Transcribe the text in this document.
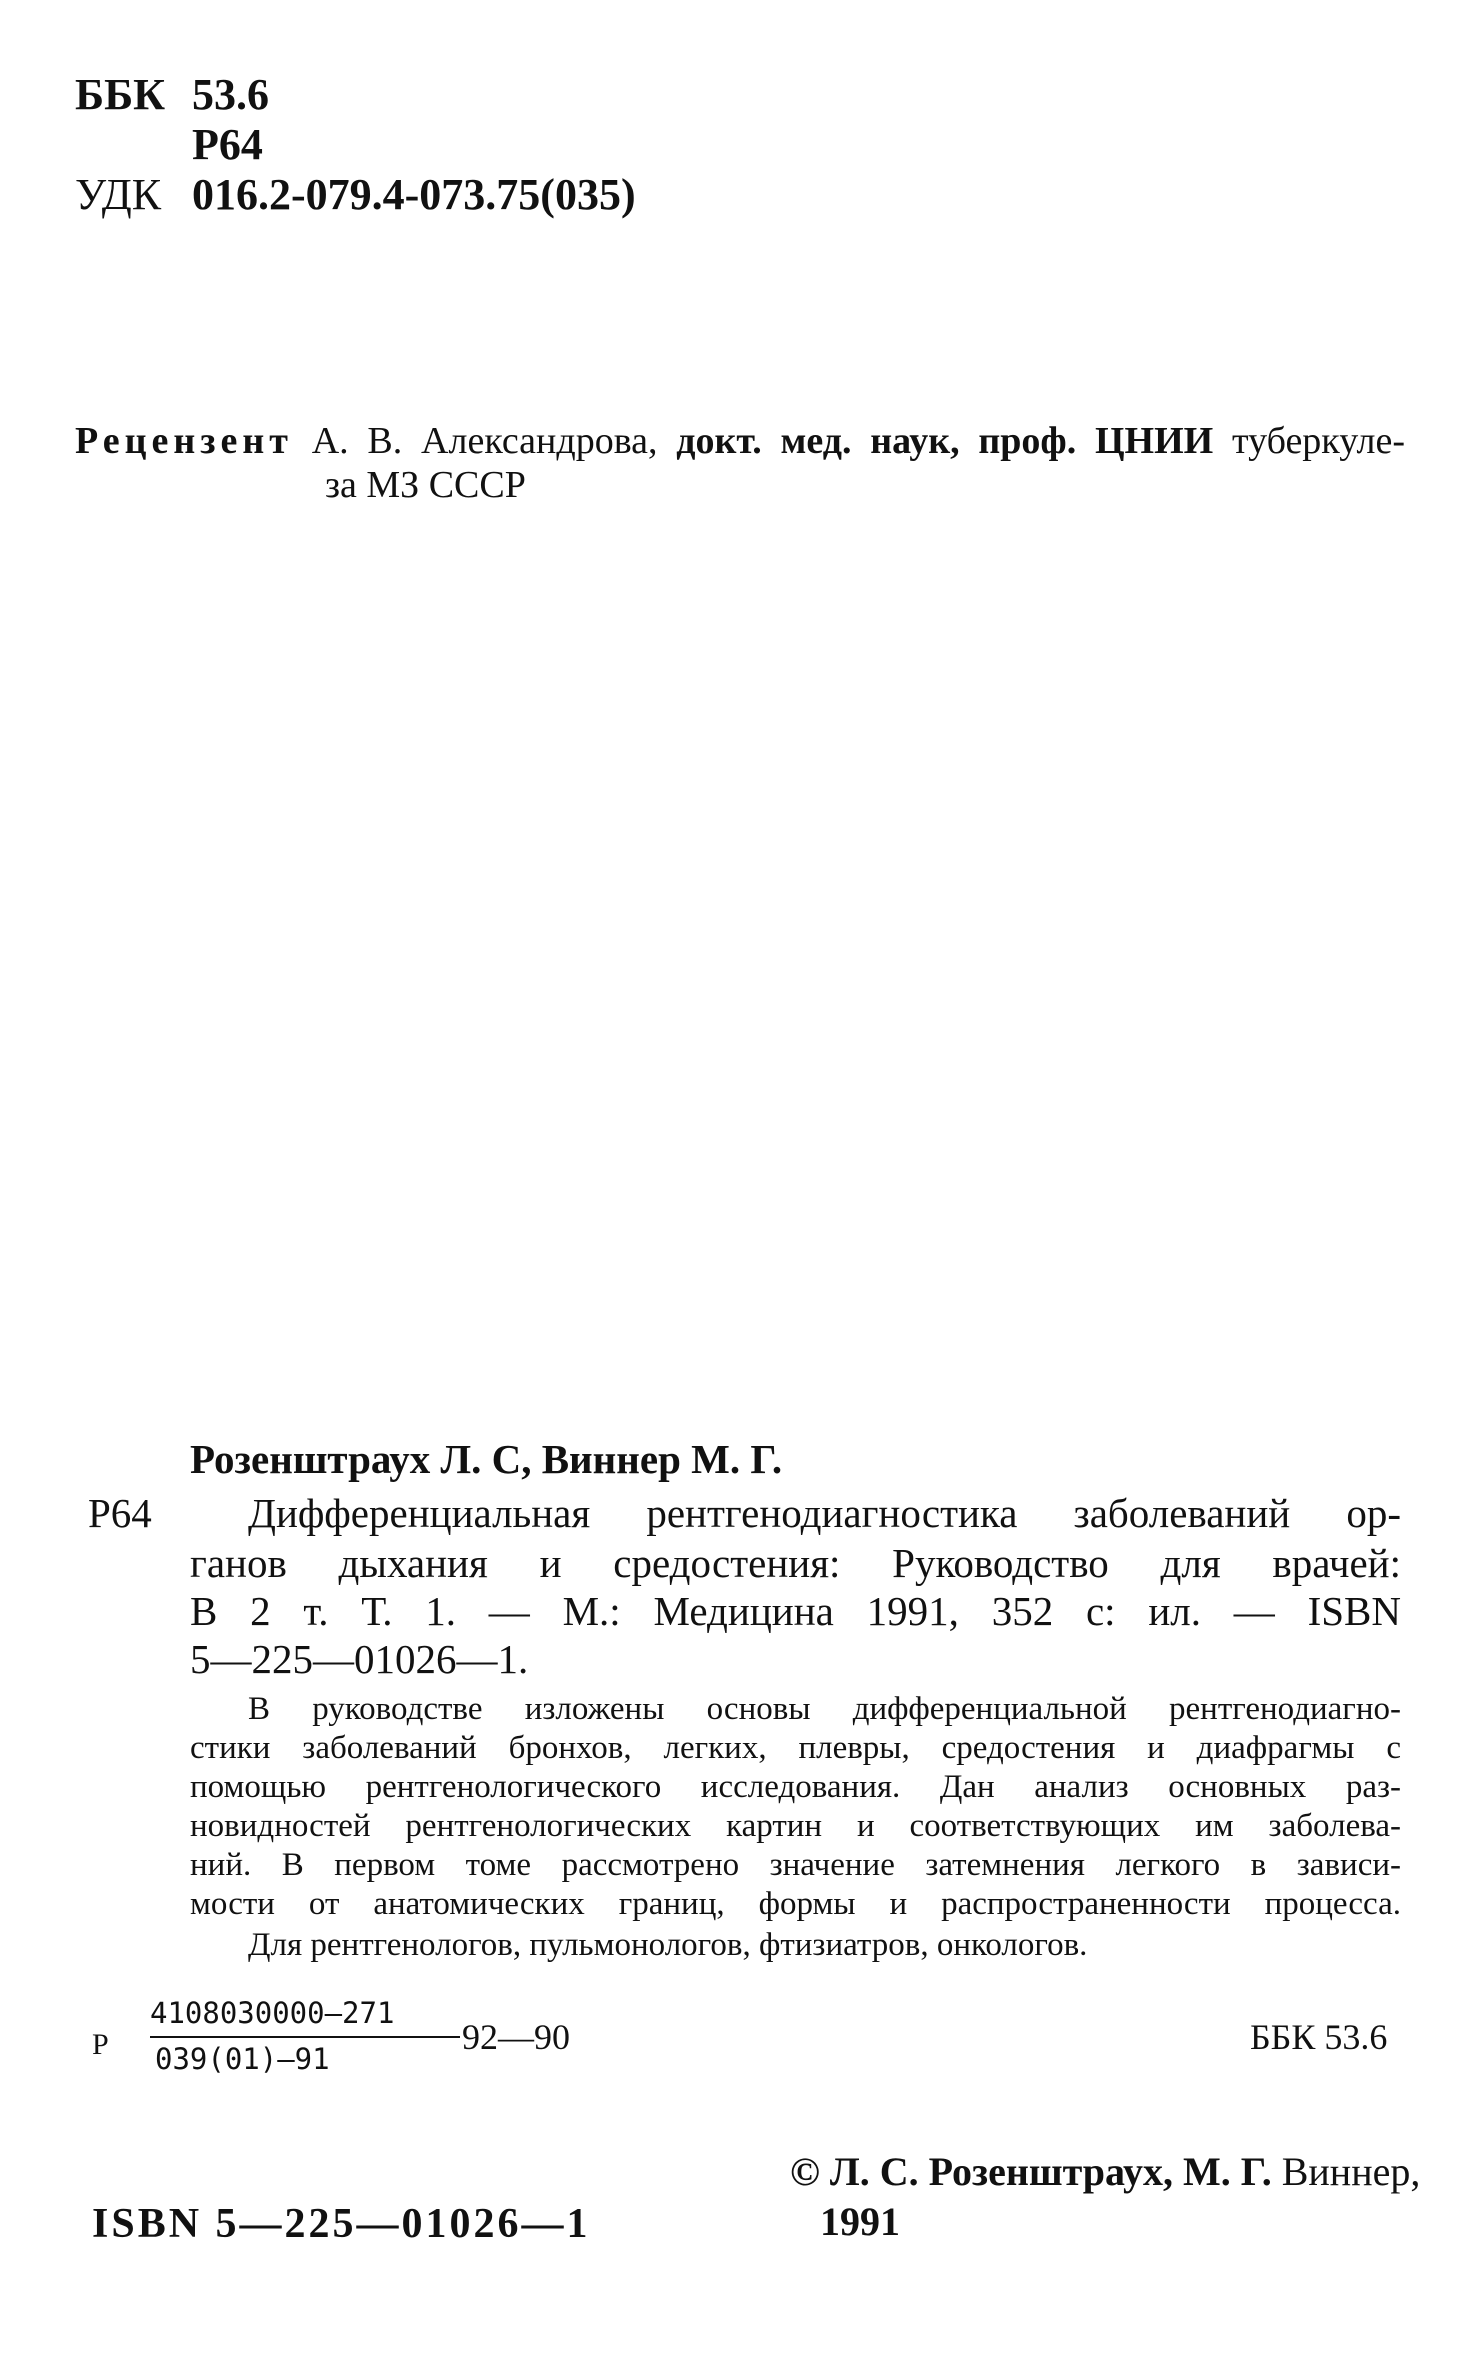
ББК 53.6
Р64
УДК 016.2-079.4-073.75(035)
Рецензент А. В. Александрова, докт. мед. наук, проф. ЦНИИ туберкуле-
за МЗ СССР
Розенштраух Л. С, Виннер М. Г.
Р64 Дифференциальная рентгенодиагностика заболеваний ор-
ганов дыхания и средостения: Руководство для врачей:
В 2 т. Т. 1. — М.: Медицина 1991, 352 с: ил. — ISBN
5—225—01026—1.
В руководстве изложены основы дифференциальной рентгенодиагно-
стики заболеваний бронхов, легких, плевры, средостения и диафрагмы с
помощью рентгенологического исследования. Дан анализ основных раз-
новидностей рентгенологических картин и соответствующих им заболева-
ний. В первом томе рассмотрено значение затемнения легкого в зависи-
мости от анатомических границ, формы и распространенности процесса.
Для рентгенологов, пульмонологов, фтизиатров, онкологов.
Р
4108030000—271
039(01)—91
92—90	ББК 53.6
ISBN 5—225—01026—1
© Л. С. Розенштраух, М. Г. Виннер,
1991
